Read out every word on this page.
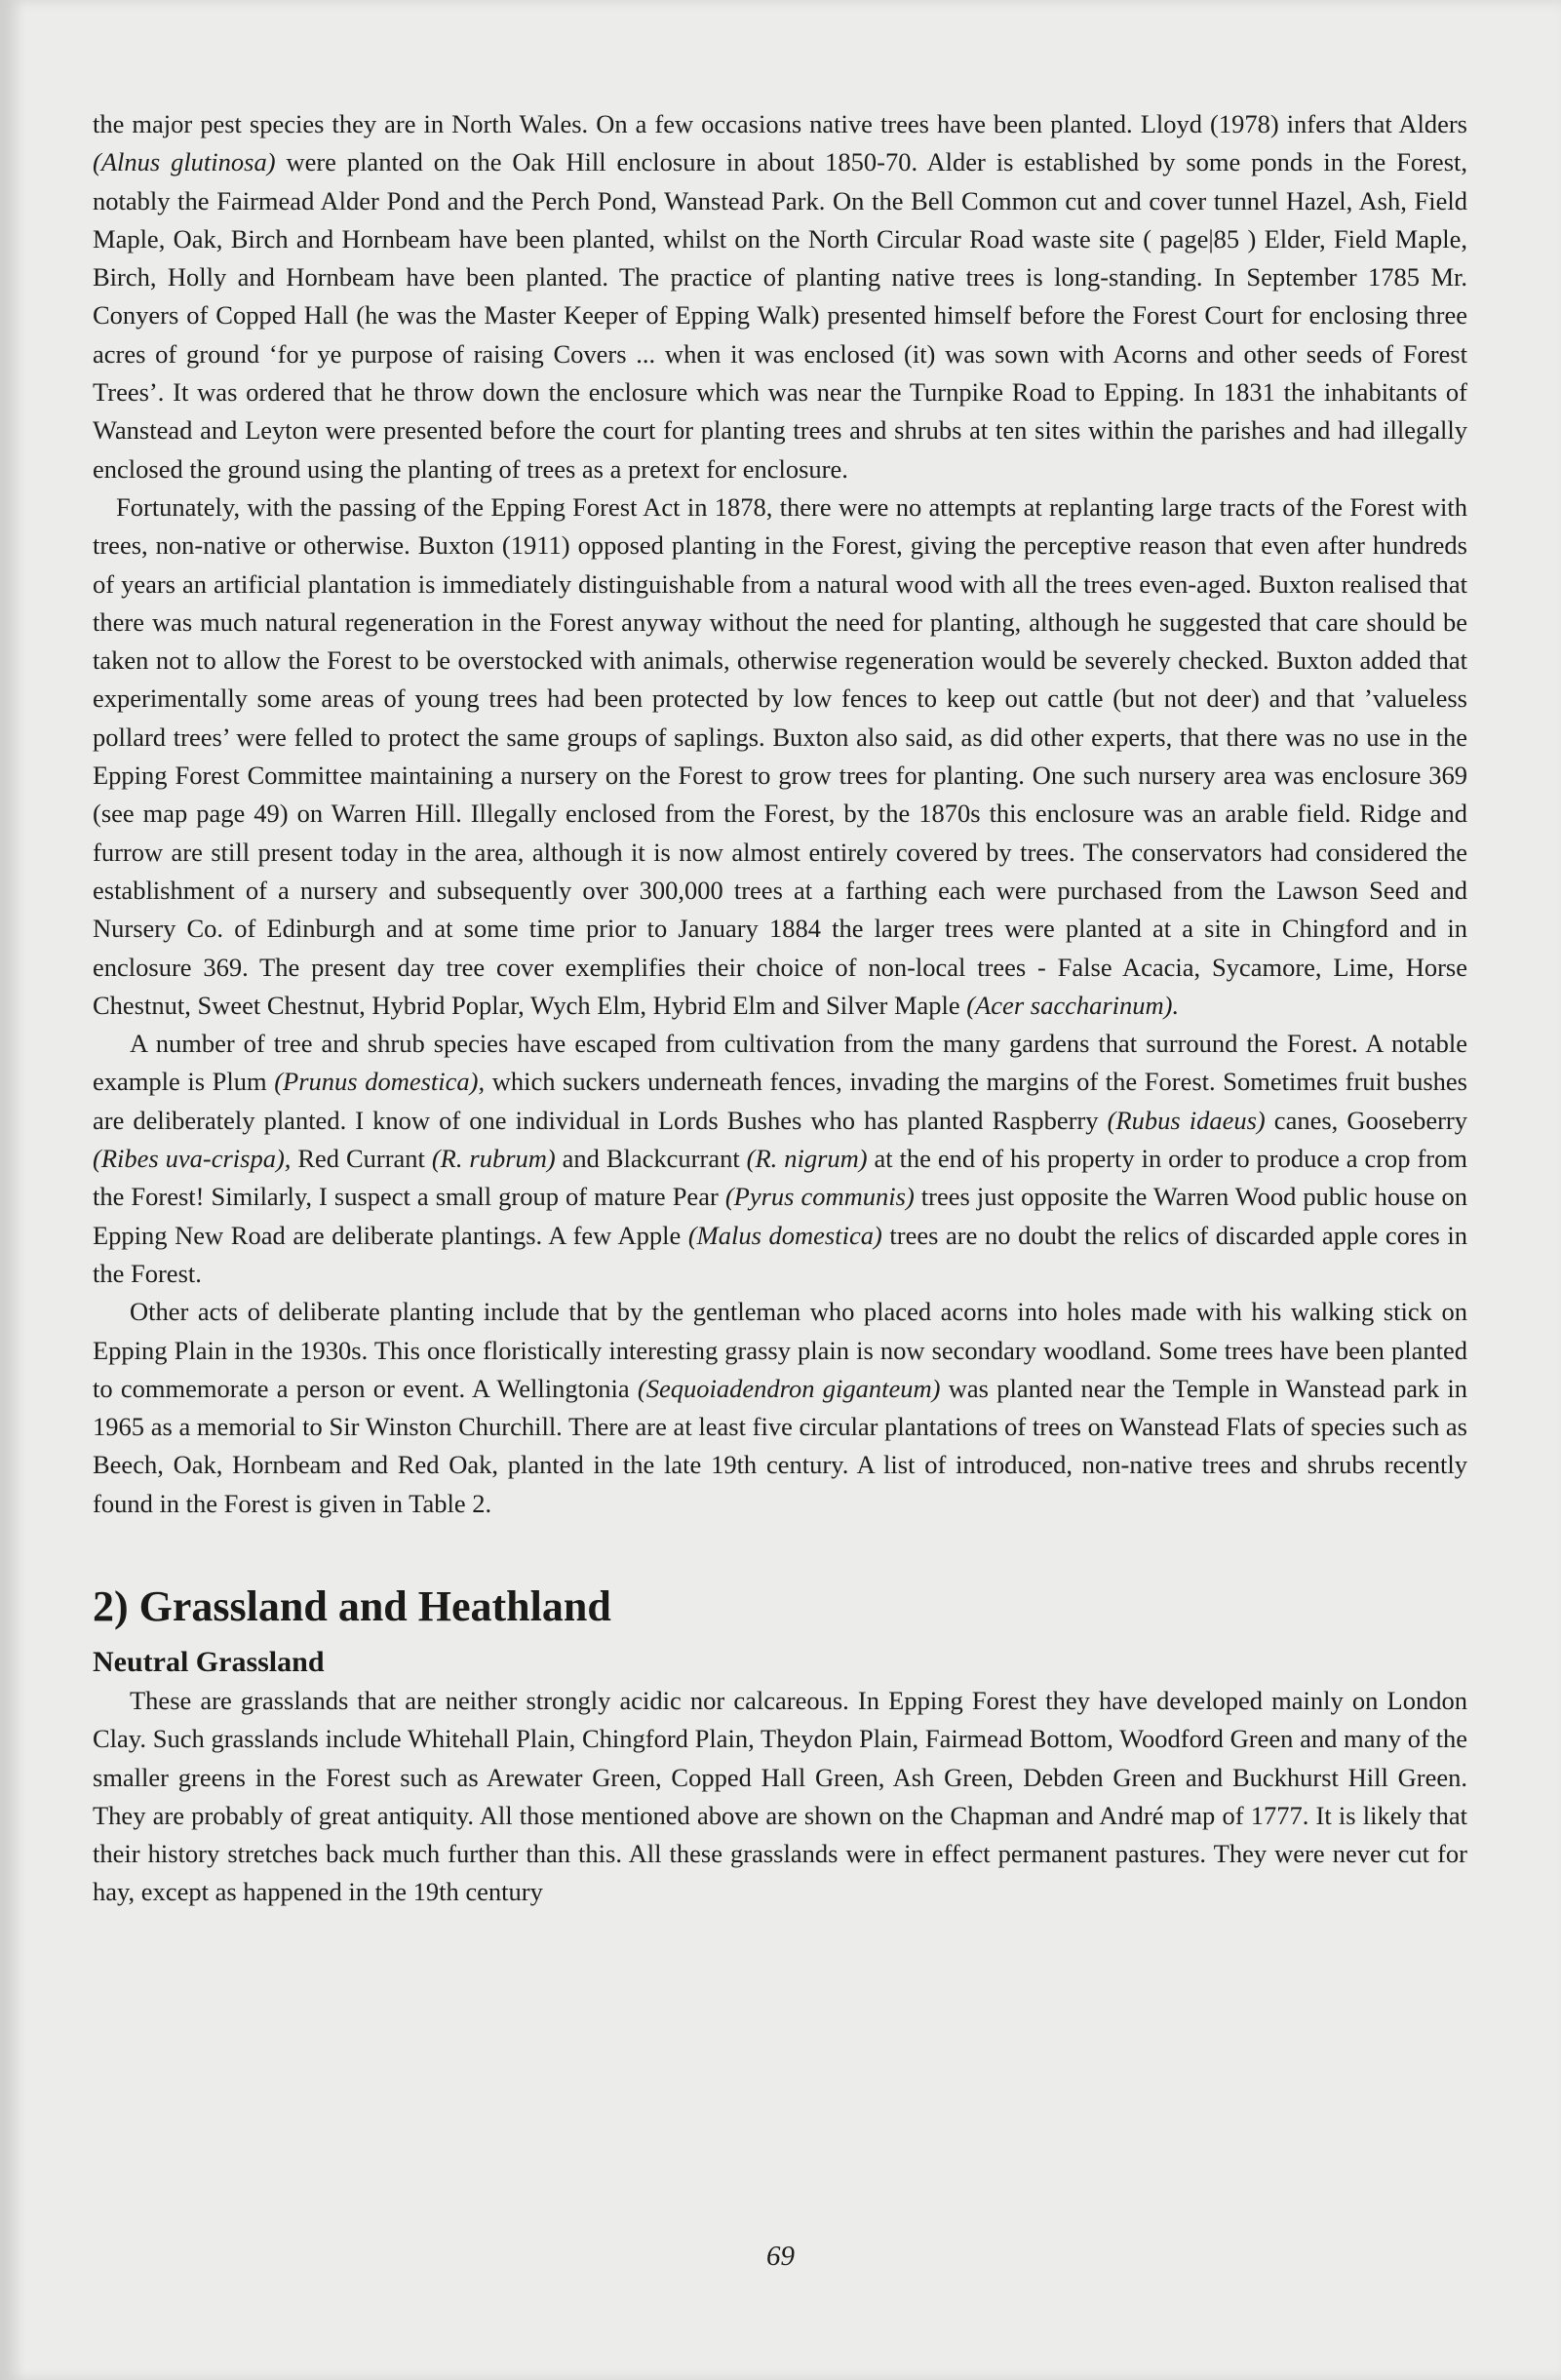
the major pest species they are in North Wales. On a few occasions native trees have been planted. Lloyd (1978) infers that Alders (Alnus glutinosa) were planted on the Oak Hill enclosure in about 1850-70. Alder is established by some ponds in the Forest, notably the Fairmead Alder Pond and the Perch Pond, Wanstead Park. On the Bell Common cut and cover tunnel Hazel, Ash, Field Maple, Oak, Birch and Hornbeam have been planted, whilst on the North Circular Road waste site ( page|85 ) Elder, Field Maple, Birch, Holly and Hornbeam have been planted. The practice of planting native trees is long-standing. In September 1785 Mr. Conyers of Copped Hall (he was the Master Keeper of Epping Walk) presented himself before the Forest Court for enclosing three acres of ground ‘for ye purpose of raising Covers ... when it was enclosed (it) was sown with Acorns and other seeds of Forest Trees’. It was ordered that he throw down the enclosure which was near the Turnpike Road to Epping. In 1831 the inhabitants of Wanstead and Leyton were presented before the court for planting trees and shrubs at ten sites within the parishes and had illegally enclosed the ground using the planting of trees as a pretext for enclosure.

Fortunately, with the passing of the Epping Forest Act in 1878, there were no attempts at replanting large tracts of the Forest with trees, non-native or otherwise. Buxton (1911) opposed planting in the Forest, giving the perceptive reason that even after hundreds of years an artificial plantation is immediately distinguishable from a natural wood with all the trees even-aged. Buxton realised that there was much natural regeneration in the Forest anyway without the need for planting, although he suggested that care should be taken not to allow the Forest to be overstocked with animals, otherwise regeneration would be severely checked. Buxton added that experimentally some areas of young trees had been protected by low fences to keep out cattle (but not deer) and that ’valueless pollard trees’ were felled to protect the same groups of saplings. Buxton also said, as did other experts, that there was no use in the Epping Forest Committee maintaining a nursery on the Forest to grow trees for planting. One such nursery area was enclosure 369 (see map page 49) on Warren Hill. Illegally enclosed from the Forest, by the 1870s this enclosure was an arable field. Ridge and furrow are still present today in the area, although it is now almost entirely covered by trees. The conservators had considered the establishment of a nursery and subsequently over 300,000 trees at a farthing each were purchased from the Lawson Seed and Nursery Co. of Edinburgh and at some time prior to January 1884 the larger trees were planted at a site in Chingford and in enclosure 369. The present day tree cover exemplifies their choice of non-local trees - False Acacia, Sycamore, Lime, Horse Chestnut, Sweet Chestnut, Hybrid Poplar, Wych Elm, Hybrid Elm and Silver Maple (Acer saccharinum).

A number of tree and shrub species have escaped from cultivation from the many gardens that surround the Forest. A notable example is Plum (Prunus domestica), which suckers underneath fences, invading the margins of the Forest. Sometimes fruit bushes are deliberately planted. I know of one individual in Lords Bushes who has planted Raspberry (Rubus idaeus) canes, Gooseberry (Ribes uva-crispa), Red Currant (R. rubrum) and Blackcurrant (R. nigrum) at the end of his property in order to produce a crop from the Forest! Similarly, I suspect a small group of mature Pear (Pyrus communis) trees just opposite the Warren Wood public house on Epping New Road are deliberate plantings. A few Apple (Malus domestica) trees are no doubt the relics of discarded apple cores in the Forest.

Other acts of deliberate planting include that by the gentleman who placed acorns into holes made with his walking stick on Epping Plain in the 1930s. This once floristically interesting grassy plain is now secondary woodland. Some trees have been planted to commemorate a person or event. A Wellingtonia (Sequoiadendron giganteum) was planted near the Temple in Wanstead park in 1965 as a memorial to Sir Winston Churchill. There are at least five circular plantations of trees on Wanstead Flats of species such as Beech, Oak, Hornbeam and Red Oak, planted in the late 19th century. A list of introduced, non-native trees and shrubs recently found in the Forest is given in Table 2.

2) Grassland and Heathland
Neutral Grassland

These are grasslands that are neither strongly acidic nor calcareous. In Epping Forest they have developed mainly on London Clay. Such grasslands include Whitehall Plain, Chingford Plain, Theydon Plain, Fairmead Bottom, Woodford Green and many of the smaller greens in the Forest such as Arewater Green, Copped Hall Green, Ash Green, Debden Green and Buckhurst Hill Green. They are probably of great antiquity. All those mentioned above are shown on the Chapman and André map of 1777. It is likely that their history stretches back much further than this. All these grasslands were in effect permanent pastures. They were never cut for hay, except as happened in the 19th century

69
